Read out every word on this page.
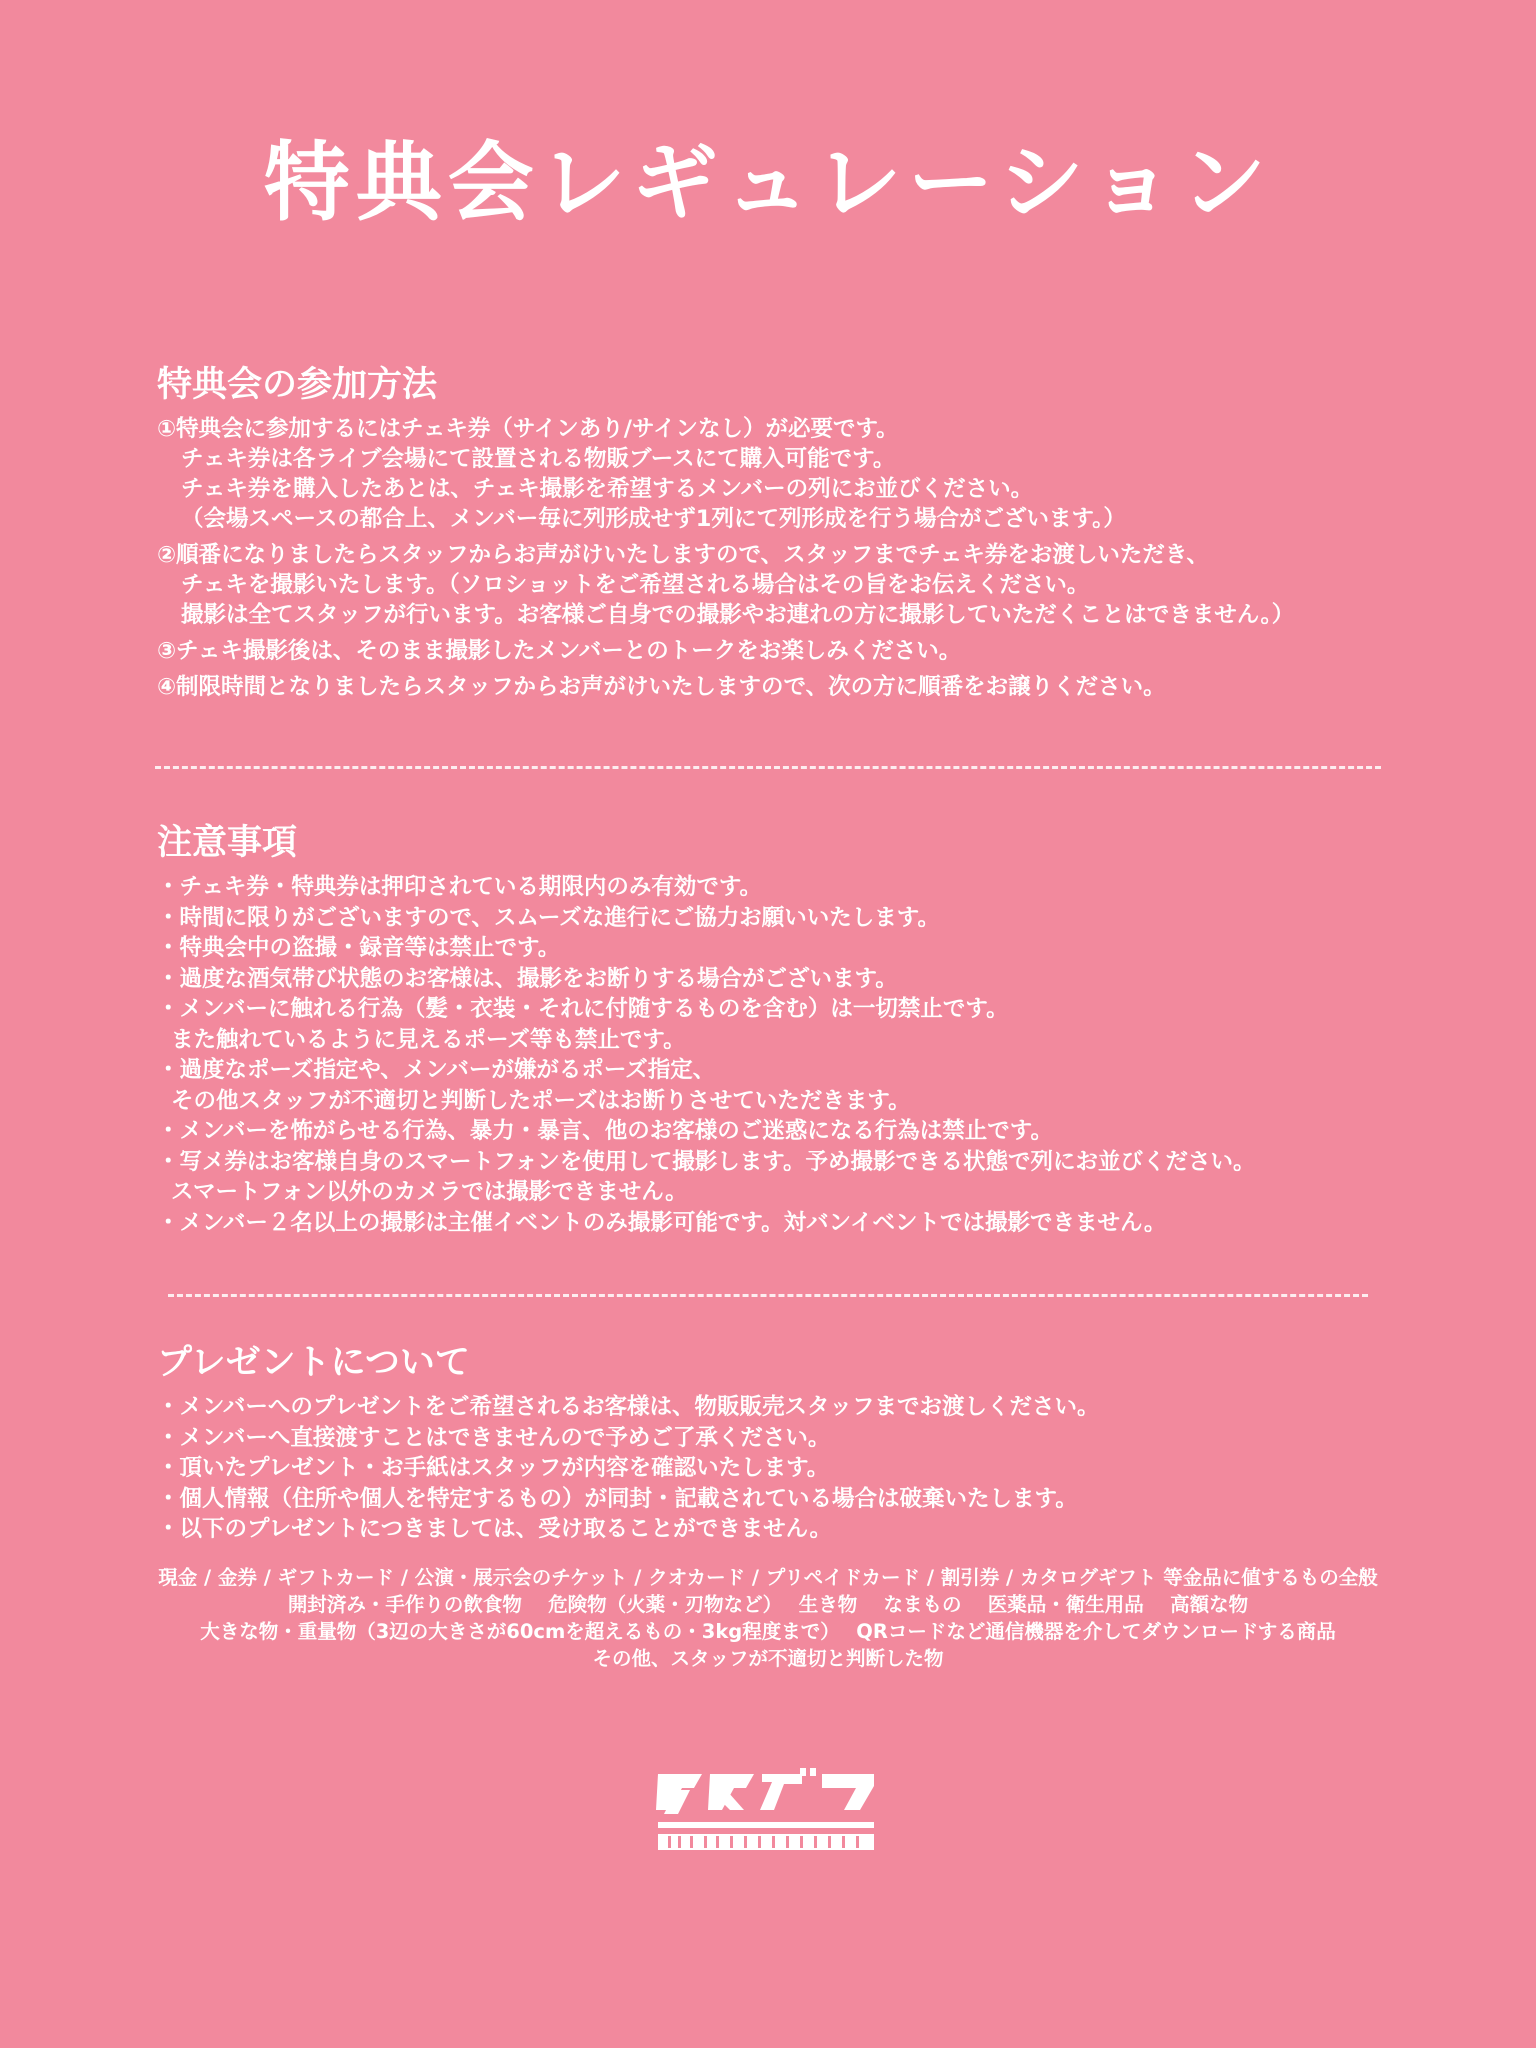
特典会レギュレーション
特典会の参加方法
①特典会に参加するにはチェキ券（サインあり/サインなし）が必要です。
チェキ券は各ライブ会場にて設置される物販ブースにて購入可能です。
チェキ券を購入したあとは、チェキ撮影を希望するメンバーの列にお並びください。
（会場スペースの都合上、メンバー毎に列形成せず1列にて列形成を行う場合がございます。）
②順番になりましたらスタッフからお声がけいたしますので、スタッフまでチェキ券をお渡しいただき、
チェキを撮影いたします。（ソロショットをご希望される場合はその旨をお伝えください。
撮影は全てスタッフが行います。お客様ご自身での撮影やお連れの方に撮影していただくことはできません。）
③チェキ撮影後は、そのまま撮影したメンバーとのトークをお楽しみください。
④制限時間となりましたらスタッフからお声がけいたしますので、次の方に順番をお譲りください。
注意事項
・チェキ券・特典券は押印されている期限内のみ有効です。
・時間に限りがございますので、スムーズな進行にご協力お願いいたします。
・特典会中の盗撮・録音等は禁止です。
・過度な酒気帯び状態のお客様は、撮影をお断りする場合がございます。
・メンバーに触れる行為（髪・衣装・それに付随するものを含む）は一切禁止です。
また触れているように見えるポーズ等も禁止です。
・過度なポーズ指定や、メンバーが嫌がるポーズ指定、
その他スタッフが不適切と判断したポーズはお断りさせていただきます。
・メンバーを怖がらせる行為、暴力・暴言、他のお客様のご迷惑になる行為は禁止です。
・写メ券はお客様自身のスマートフォンを使用して撮影します。予め撮影できる状態で列にお並びください。
スマートフォン以外のカメラでは撮影できません。
・メンバー２名以上の撮影は主催イベントのみ撮影可能です。対バンイベントでは撮影できません。
プレゼントについて
・メンバーへのプレゼントをご希望されるお客様は、物販販売スタッフまでお渡しください。
・メンバーへ直接渡すことはできませんので予めご了承ください。
・頂いたプレゼント・お手紙はスタッフが内容を確認いたします。
・個人情報（住所や個人を特定するもの）が同封・記載されている場合は破棄いたします。
・以下のプレゼントにつきましては、受け取ることができません。
現金 / 金券 / ギフトカード / 公演・展示会のチケット / クオカード / プリペイドカード / 割引券 / カタログギフト 等金品に値するもの全般
開封済み・手作りの飲食物　 危険物（火薬・刃物など）　 生き物　 なまもの　 医薬品・衛生用品　 高額な物
大きな物・重量物（3辺の大きさが60cmを超えるもの・3kg程度まで）　 QRコードなど通信機器を介してダウンロードする商品
その他、スタッフが不適切と判断した物
